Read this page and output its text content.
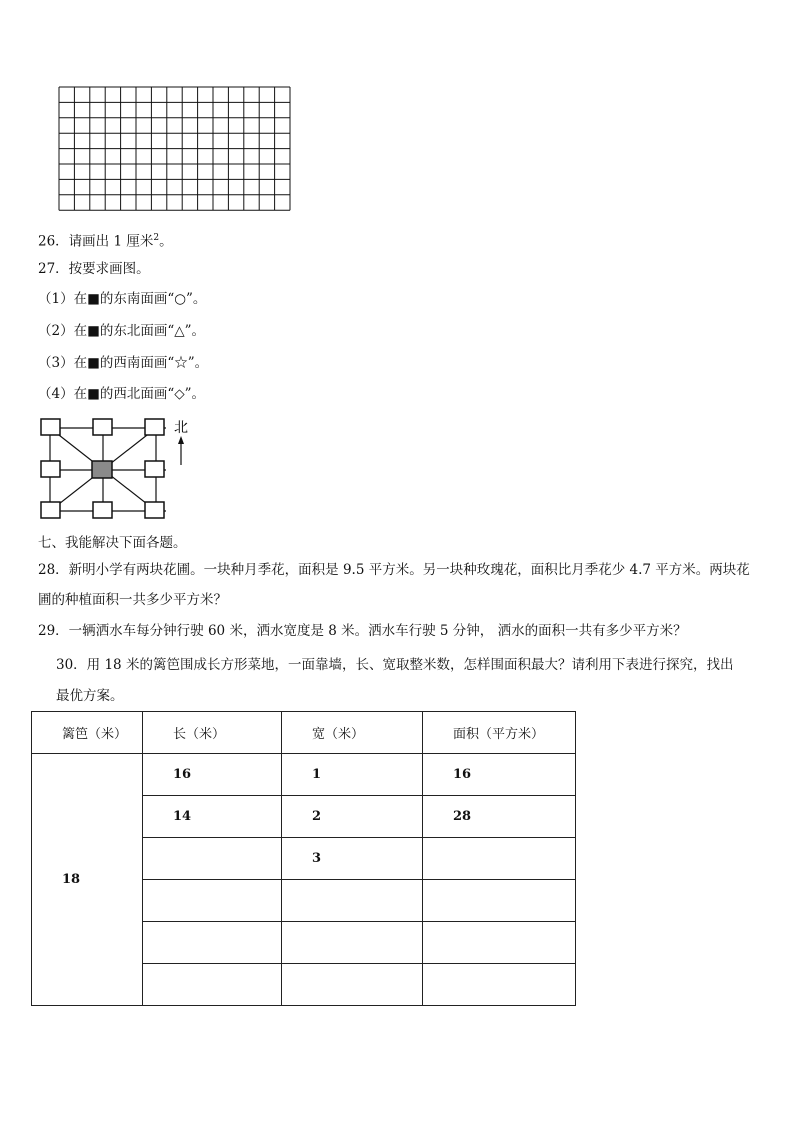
26．请画出 1 厘米$^2$。
27．按要求画图。
（1）在■的东南面画“○”。
（2）在■的东北面画“△”。
（3）在■的西南面画“☆”。
（4）在■的西北面画“◇”。
北
七、我能解决下面各题。
28．新明小学有两块花圃。一块种月季花，面积是 9.5 平方米。另一块种玫瑰花，面积比月季花少 4.7 平方米。两块花
圃的种植面积一共多少平方米？
29．一辆洒水车每分钟行驶 60 米，洒水宽度是 8 米。洒水车行驶 5 分钟， 洒水的面积一共有多少平方米？
30．用 18 米的篱笆围成长方形菜地，一面靠墙，长、宽取整米数，怎样围面积最大？请利用下表进行探究，找出
最优方案。
篱笆（米）	长（米）	宽（米）	面积（平方米）
18	16	1	16
	14	2	28
		3	
